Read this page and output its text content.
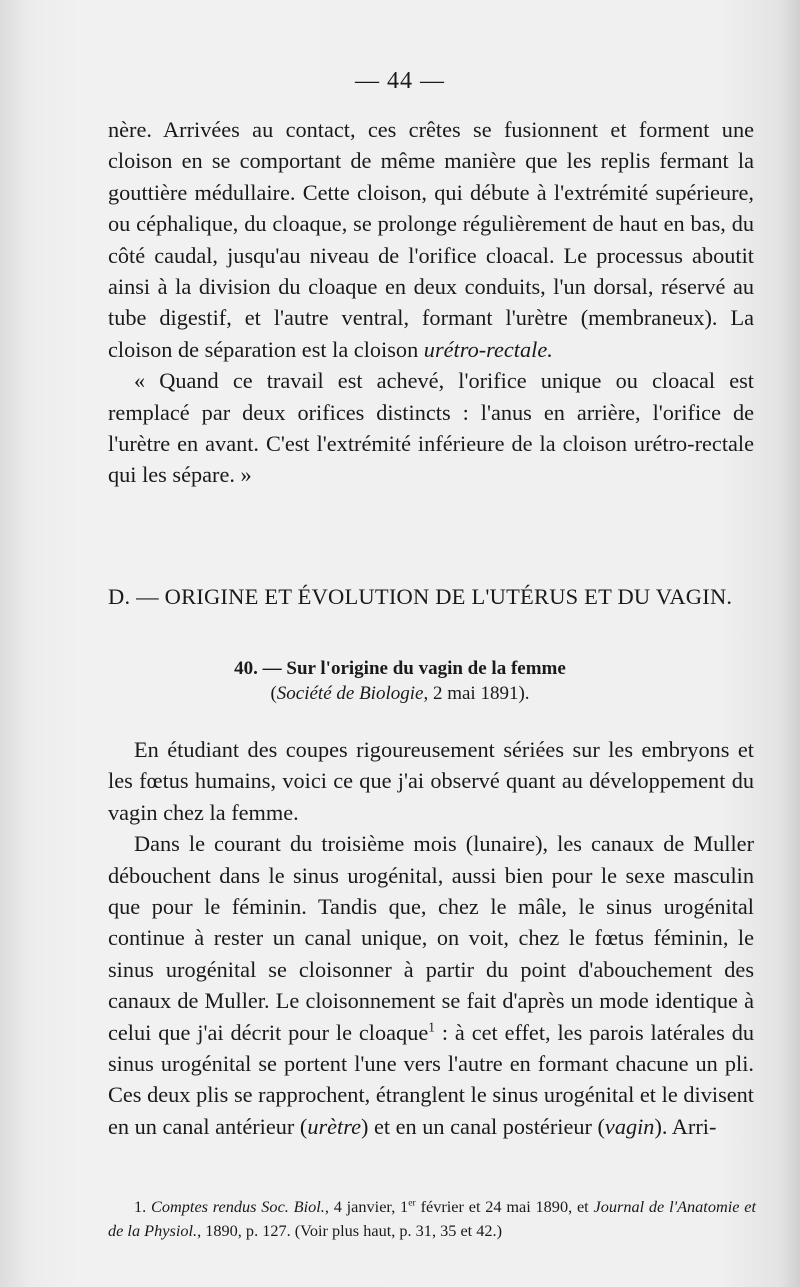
— 44 —

nère. Arrivées au contact, ces crêtes se fusionnent et forment une cloison en se comportant de même manière que les replis fermant la gouttière médullaire. Cette cloison, qui débute à l'extrémité supérieure, ou céphalique, du cloaque, se prolonge régulièrement de haut en bas, du côté caudal, jusqu'au niveau de l'orifice cloacal. Le processus aboutit ainsi à la division du cloaque en deux conduits, l'un dorsal, réservé au tube digestif, et l'autre ventral, formant l'urètre (membraneux). La cloison de séparation est la cloison urétro-rectale.

« Quand ce travail est achevé, l'orifice unique ou cloacal est remplacé par deux orifices distincts : l'anus en arrière, l'orifice de l'urètre en avant. C'est l'extrémité inférieure de la cloison urétro-rectale qui les sépare. »

D. — ORIGINE ET ÉVOLUTION DE L'UTÉRUS ET DU VAGIN.
40. — Sur l'origine du vagin de la femme
(Société de Biologie, 2 mai 1891).

En étudiant des coupes rigoureusement sériées sur les embryons et les fœtus humains, voici ce que j'ai observé quant au développement du vagin chez la femme.

Dans le courant du troisième mois (lunaire), les canaux de Muller débouchent dans le sinus urogénital, aussi bien pour le sexe masculin que pour le féminin. Tandis que, chez le mâle, le sinus urogénital continue à rester un canal unique, on voit, chez le fœtus féminin, le sinus urogénital se cloisonner à partir du point d'abouchement des canaux de Muller. Le cloisonnement se fait d'après un mode identique à celui que j'ai décrit pour le cloaque$^1$ : à cet effet, les parois latérales du sinus urogénital se portent l'une vers l'autre en formant chacune un pli. Ces deux plis se rapprochent, étranglent le sinus urogénital et le divisent en un canal antérieur (urètre) et en un canal postérieur (vagin). Arri-

1. Comptes rendus Soc. Biol., 4 janvier, 1er février et 24 mai 1890, et Journal de l'Anatomie et de la Physiol., 1890, p. 127. (Voir plus haut, p. 31, 35 et 42.)
